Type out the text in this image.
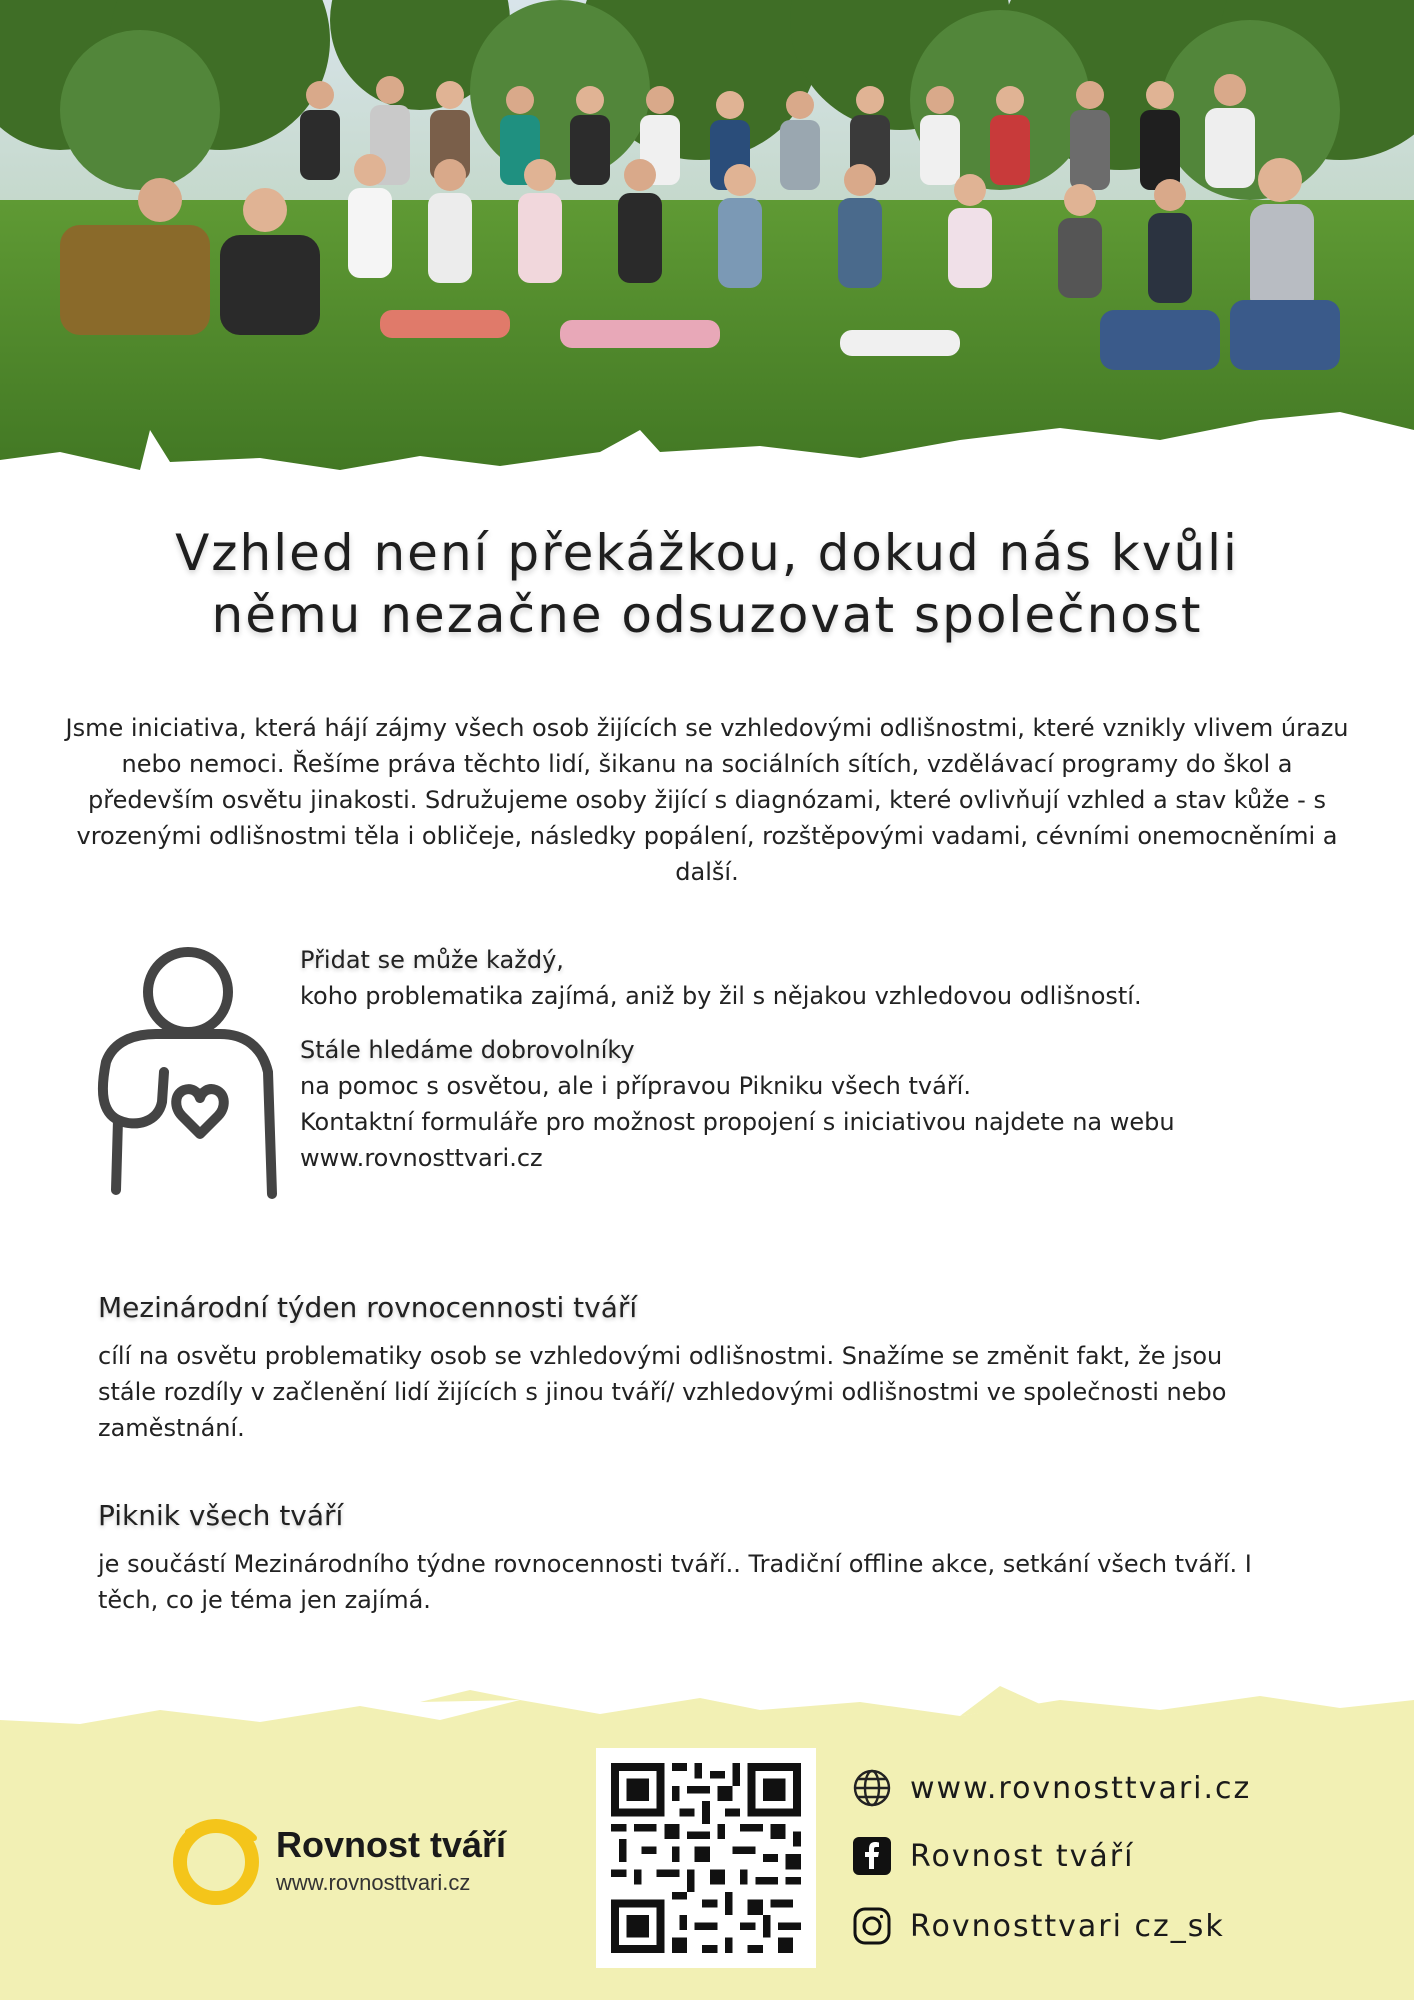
Vzhled není překážkou, dokud nás kvůli
němu nezačne odsuzovat společnost

Jsme iniciativa, která hájí zájmy všech osob žijících se vzhledovými odlišnostmi, které vznikly vlivem úrazu nebo nemoci. Řešíme práva těchto lidí, šikanu na sociálních sítích, vzdělávací programy do škol a především osvětu jinakosti. Sdružujeme osoby žijící s diagnózami, které ovlivňují vzhled a stav kůže - s vrozenými odlišnostmi těla i obličeje, následky popálení, rozštěpovými vadami, cévními onemocněními a další.

Přidat se může každý,

koho problematika zajímá, aniž by žil s nějakou vzhledovou odlišností.

Stále hledáme dobrovolníky

na pomoc s osvětou, ale i přípravou Pikniku všech tváří.

Kontaktní formuláře pro možnost propojení s iniciativou najdete na webu www.rovnosttvari.cz

Mezinárodní týden rovnocennosti tváří

cílí na osvětu problematiky osob se vzhledovými odlišnostmi. Snažíme se změnit fakt, že jsou stále rozdíly v začlenění lidí žijících s jinou tváří/ vzhledovými odlišnostmi ve společnosti nebo zaměstnání.

Piknik všech tváří

je součástí Mezinárodního týdne rovnocennosti tváří.. Tradiční offline akce, setkání všech tváří. I těch, co je téma jen zajímá.

Rovnost tváří
www.rovnosttvari.cz
www.rovnosttvari.cz
Rovnost tváří
Rovnosttvari cz_sk
